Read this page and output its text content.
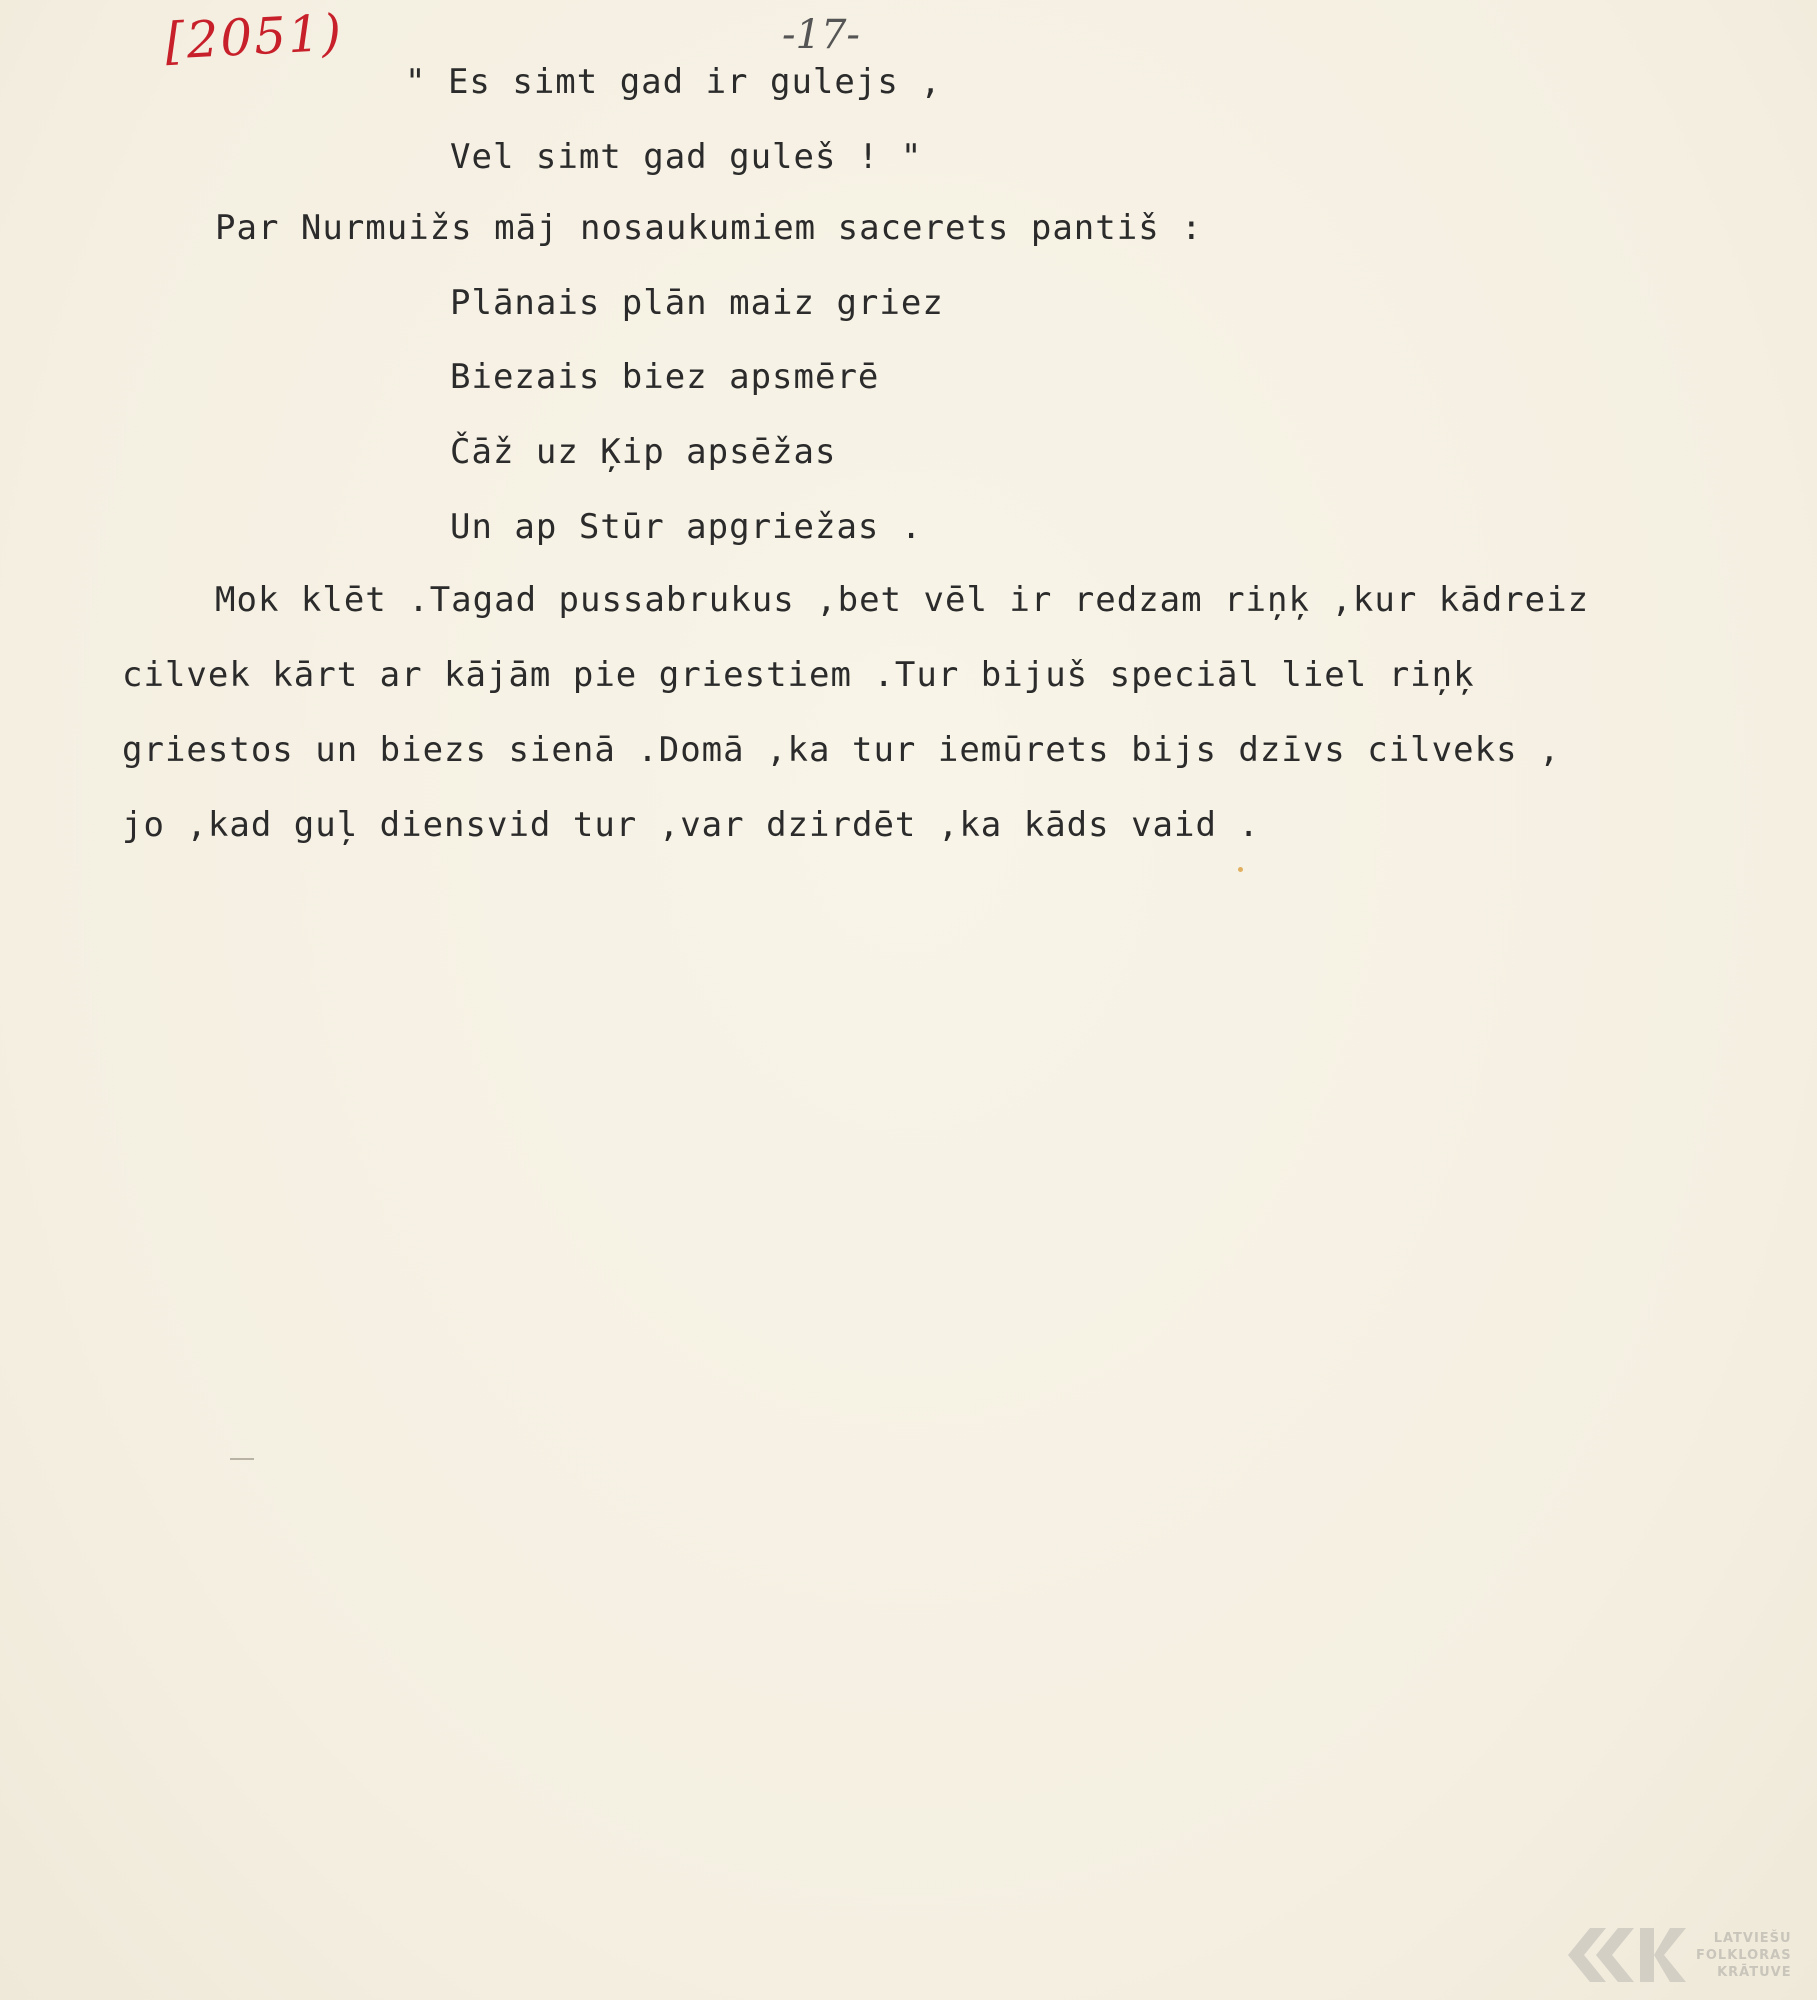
[2051)	-17-
" Es simt gad ir gulejs ,
Vel simt gad guleš ! "
Par Nurmuižs māj nosaukumiem sacerets pantiš :
Plānais plān maiz griez
Biezais biez apsmērē
Čāž uz Ķip apsēžas
Un ap Stūr apgriežas .
Mok klēt .Tagad pussabrukus ,bet vēl ir redzam riņķ ,kur kādreiz
cilvek kārt ar kājām pie griestiem .Tur bijuš speciāl liel riņķ
griestos un biezs sienā .Domā ,ka tur iemūrets bijs dzīvs cilveks ,
jo ,kad guļ diensvid tur ,var dzirdēt ,ka kāds vaid .
LATVIEŠU
FOLKLORAS
KRĀTUVE
